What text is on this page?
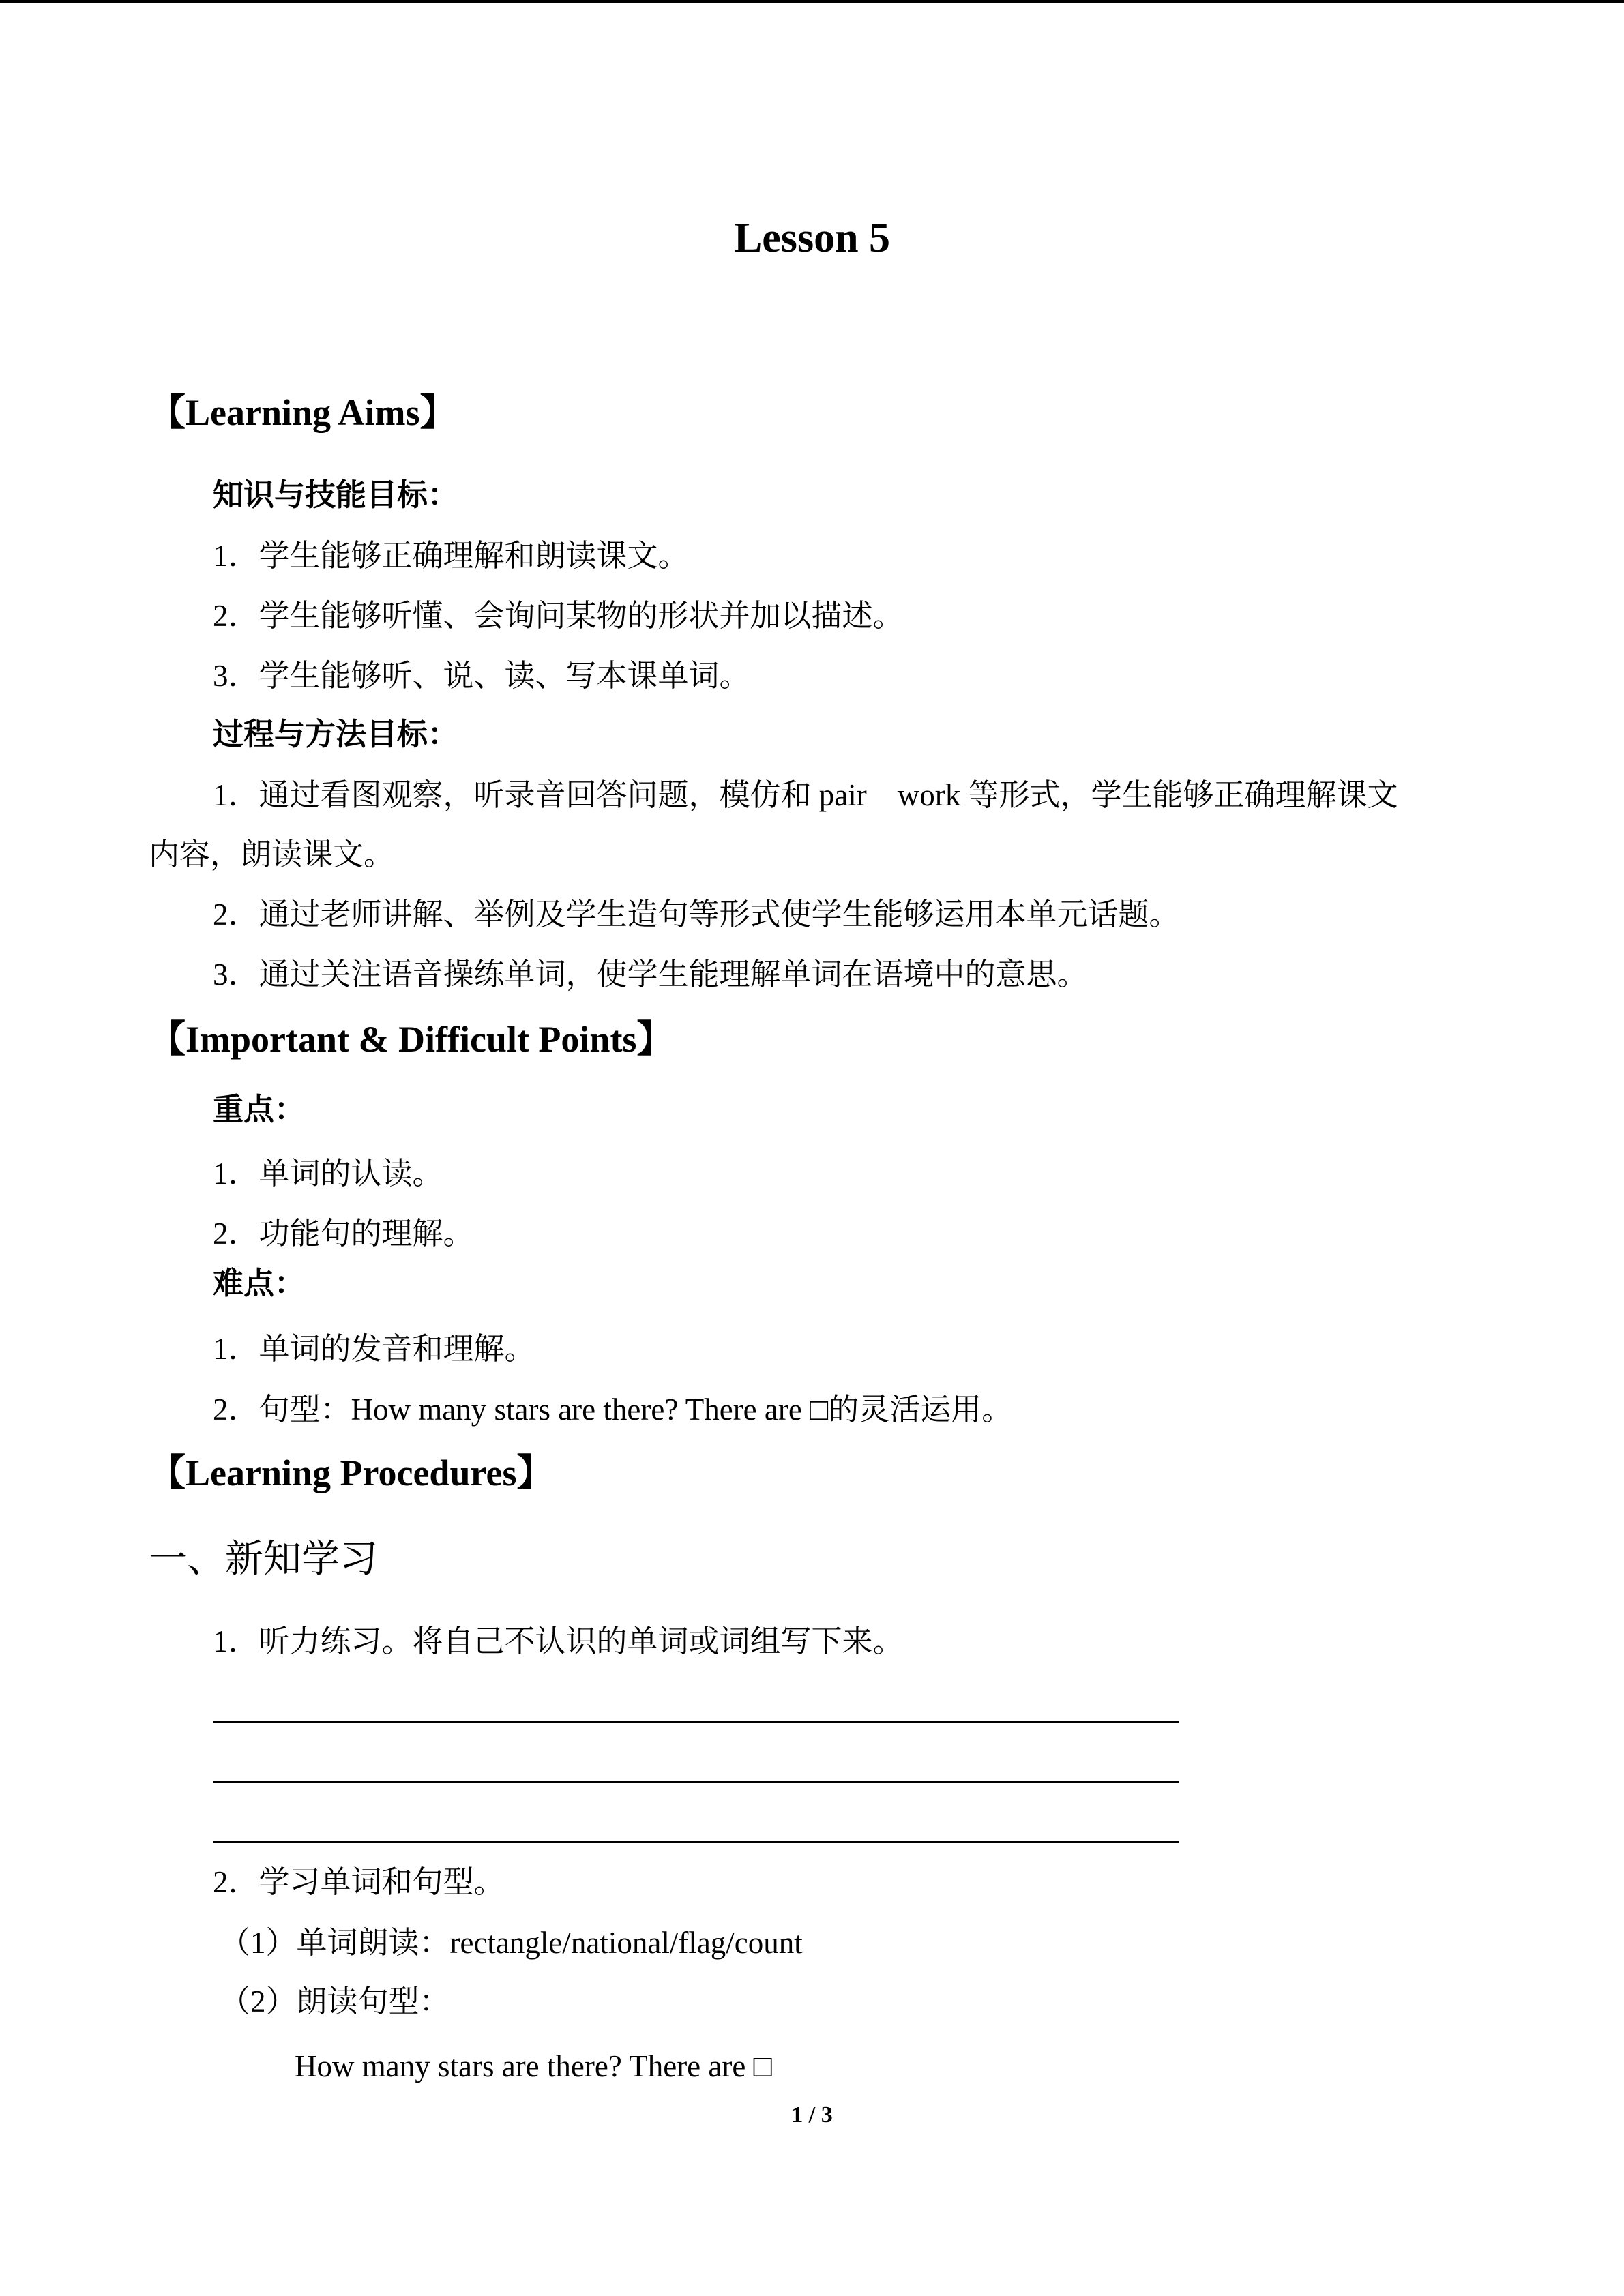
Lesson 5
【Learning Aims】
知识与技能目标：
1．学生能够正确理解和朗读课文。
2．学生能够听懂、会询问某物的形状并加以描述。
3．学生能够听、说、读、写本课单词。
过程与方法目标：
1．通过看图观察，听录音回答问题，模仿和 pair　work 等形式，学生能够正确理解课文
内容，朗读课文。
2．通过老师讲解、举例及学生造句等形式使学生能够运用本单元话题。
3．通过关注语音操练单词，使学生能理解单词在语境中的意思。
【Important & Difficult Points】
重点：
1．单词的认读。
2．功能句的理解。
难点：
1．单词的发音和理解。
2．句型：How many stars are there? There are □的灵活运用。
【Learning Procedures】
一、新知学习
1．听力练习。将自己不认识的单词或词组写下来。
2．学习单词和句型。
（1）单词朗读：rectangle/national/flag/count
（2）朗读句型：
How many stars are there? There are □
1 / 3
